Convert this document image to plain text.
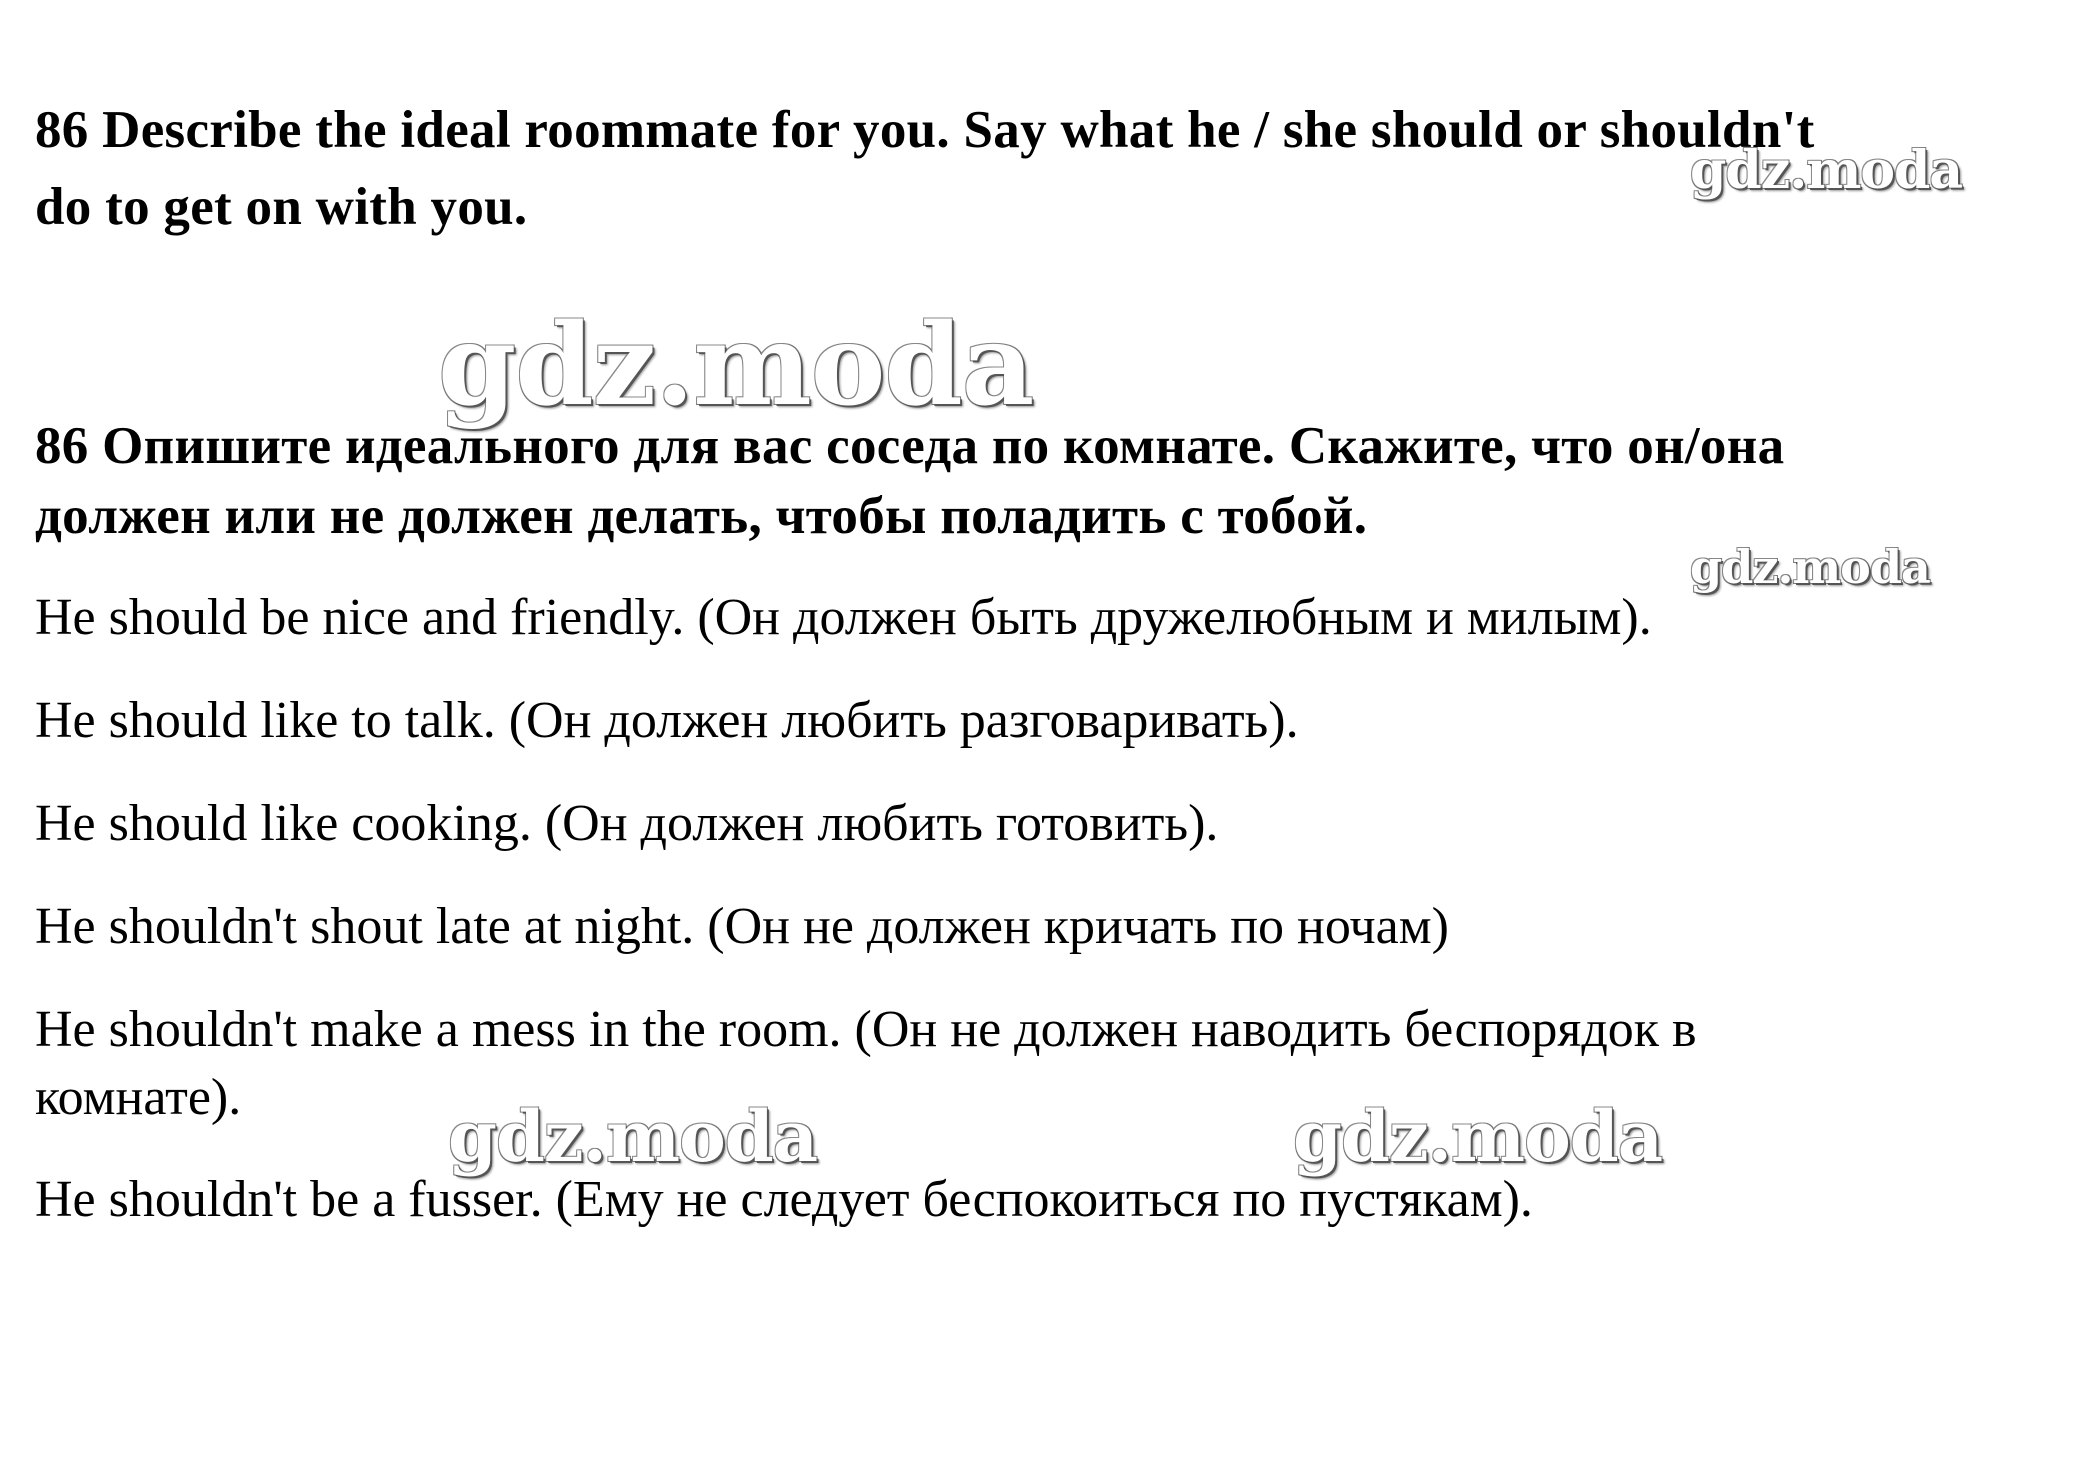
gdz.moda

86 Describe the ideal roommate for you. Say what he / she should or shouldn't

do to get on with you.

86 Опишите идеального для вас соседа по комнате. Скажите, что он/она

должен или не должен делать, чтобы поладить с тобой.

He should be nice and friendly. (Он должен быть дружелюбным и милым).

He should like to talk. (Он должен любить разговаривать).

He should like cooking. (Он должен любить готовить).

He shouldn't shout late at night. (Он не должен кричать по ночам)

He shouldn't make a mess in the room. (Он не должен наводить беспорядок в

комнате).

He shouldn't be a fusser. (Ему не следует беспокоиться по пустякам).

gdz.moda
gdz.moda
gdz.moda	gdz.moda
